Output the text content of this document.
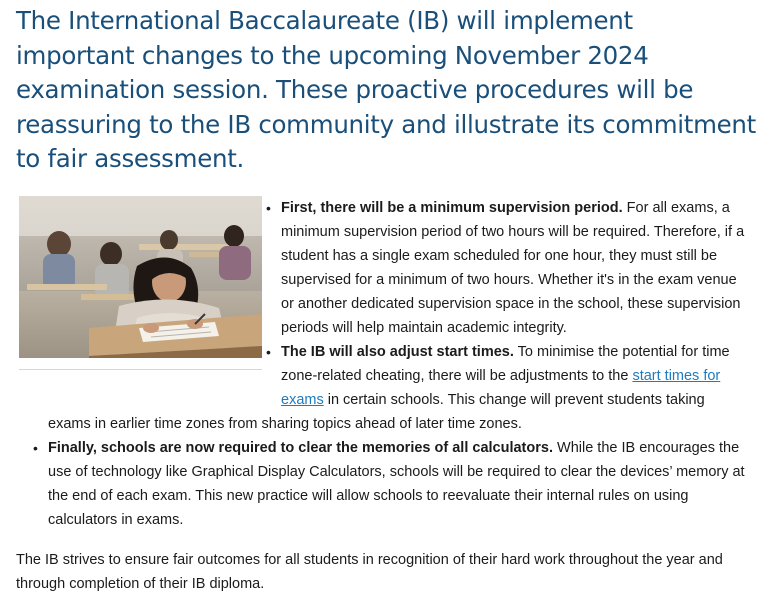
The International Baccalaureate (IB) will implement important changes to the upcoming November 2024 examination session. These proactive procedures will be reassuring to the IB community and illustrate its commitment to fair assessment.
• First, there will be a minimum supervision period. For all exams, a minimum supervision period of two hours will be required. Therefore, if a student has a single exam scheduled for one hour, they must still be supervised for a minimum of two hours. Whether it's in the exam venue or another dedicated supervision space in the school, these supervision periods will help maintain academic integrity.
• The IB will also adjust start times. To minimise the potential for time zone-related cheating, there will be adjustments to the start times for exams in certain schools. This change will prevent students taking
exams in earlier time zones from sharing topics ahead of later time zones.
• Finally, schools are now required to clear the memories of all calculators. While the IB encourages the use of technology like Graphical Display Calculators, schools will be required to clear the devices’ memory at the end of each exam. This new practice will allow schools to reevaluate their internal rules on using calculators in exams.

The IB strives to ensure fair outcomes for all students in recognition of their hard work throughout the year and through completion of their IB diploma.
